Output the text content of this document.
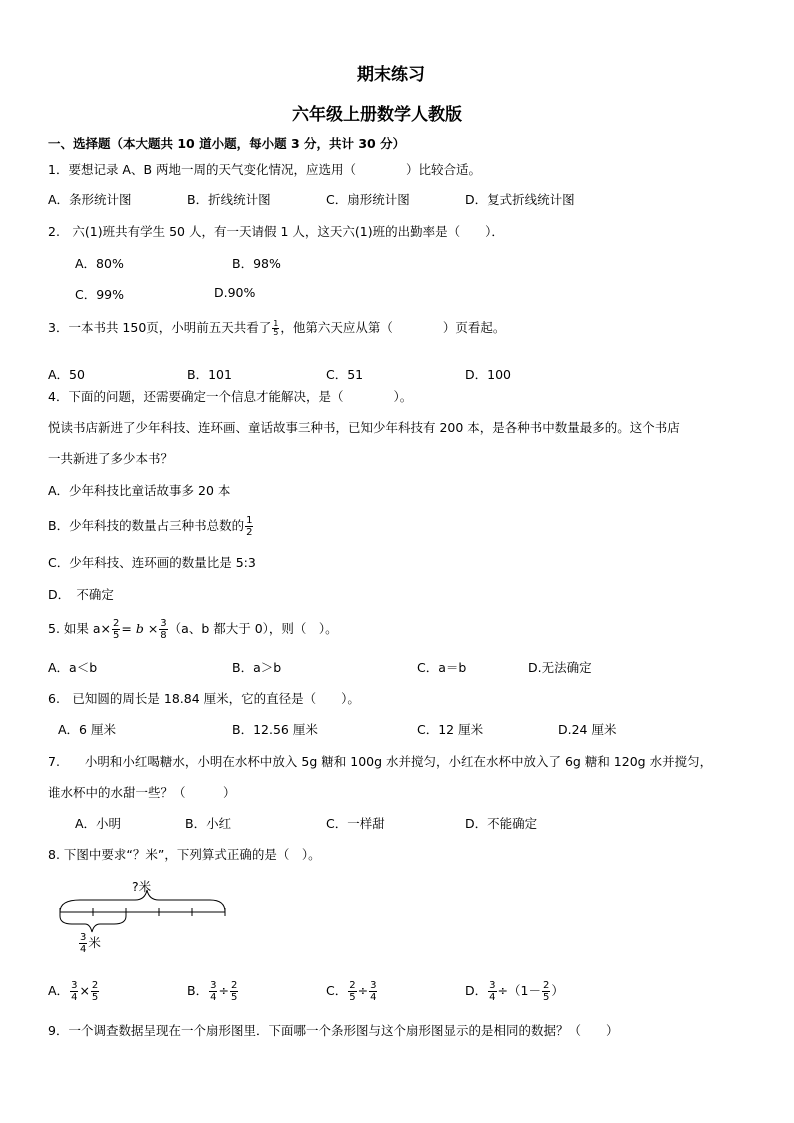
期末练习
六年级上册数学人教版
一、选择题（本大题共 10 道小题，每小题 3 分，共计 30 分）
1．要想记录 A、B 两地一周的天气变化情况，应选用（　　　　）比较合适。
A．条形统计图	B．折线统计图	C．扇形统计图	D．复式折线统计图
2.　六(1)班共有学生 50 人，有一天请假 1 人，这天六(1)班的出勤率是（　　）．
A．80%	B．98%
C．99%	D.90%
3．一本书共 150页，小明前五天共看了 $\frac{1}{5}$ ，他第六天应从第（　　　　）页看起。
A．50	B．101	C．51	D．100
4．下面的问题，还需要确定一个信息才能解决，是（　　　　）。
悦读书店新进了少年科技、连环画、童话故事三种书，已知少年科技有 200 本，是各种书中数量最多的。这个书店
一共新进了多少本书？
A．少年科技比童话故事多 20 本
B．少年科技的数量占三种书总数的 $\frac{1}{2}$
C．少年科技、连环画的数量比是 5:3
D．　不确定
5. 如果 $a\times \frac{2}{5} = b \times \frac{3}{8} (a$、b 都大于 0），则（　）。
A．a＜b	B．a＞b	C．a＝b	D.无法确定
6.　已知圆的周长是 18.84 厘米，它的直径是（　　）。
A．6 厘米	B．12.56 厘米	C．12 厘米	D.24 厘米
7.　　小明和小红喝糖水，小明在水杯中放入 5g 糖和 100g 水并搅匀，小红在水杯中放入了 6g 糖和 120g 水并搅匀，
谁水杯中的水甜一些？（　　　）
A．小明	B．小红	C．一样甜	D．不能确定
8. 下图中要求“？米”，下列算式正确的是（　）。
?米
$\frac{3}{4}$ 米
A． $\frac{3}{4} \times \frac{2}{5}$	B． $\frac{3}{4} \div \frac{2}{5}$	C． $\frac{2}{5} \div \frac{3}{4}$	D． $\frac{3}{4} \div(1- \frac{2}{5}$ ）
9．一个调查数据呈现在一个扇形图里．下面哪一个条形图与这个扇形图显示的是相同的数据？（　　）
